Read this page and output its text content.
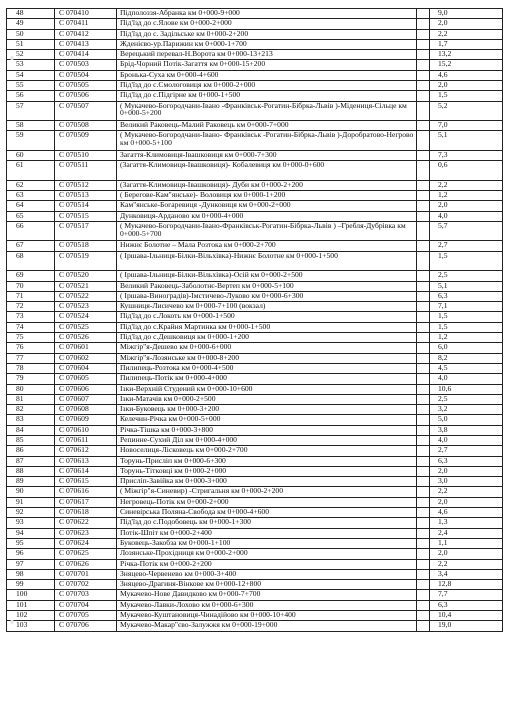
48	C 070410	Підполоззя-Абранка км 0+000-9+000		9,0
49	C 070411	Під'їзд до с.Ялове км 0+000-2+000		2,0
50	C 070412	Під'їзд до с. Задільське км 0+000-2+200		2,2
51	C 070413	Жденієво-ур.Парижин км 0+000-1+700		1,7
52	C 070414	Верецький перевал-Н.Ворота км 0+000-13+213		13,2
53	C 070503	Брід-Чорний Потік-Загаття км 0+000-15+200		15,2
54	C 070504	Бронька-Суха км 0+000-4+600		4,6
55	C 070505	Під'їзд до с.Смологовиця км 0+000-2+000		2,0
56	C 070506	Під'їзд до с.Підгірне км 0+000-1+500		1,5
57	C 070507	( Мукачево-Богородчани-Івано -Франківськ-Рогатин-Бібрка-Львів )-Мідениця-Сільце км 0+000-5+200		5,2
58	C 070508	Великий Раковець-Малий Раковець км 0+000-7+000		7,0
59	C 070509	( Мукачево-Богородчани-Івано- Франківськ -Рогатин-Бібрка-Львів )-Доробратово-Негрово км 0+000-5+100		5,1
60	C 070510	Загаття-Климовиця-Івашковиця км 0+000-7+300		7,3
61	C 070511	(Загаття-Климовиця-Івашковиця)- Кобалевиця км 0+000-0+600		0,6
62	C 070512	(Загаття-Климовиця-Івашковиця)- Дуби км 0+000-2+200		2,2
63	C 070513	( Берегове-Кам"янське)- Воловиця км 0+000-1+200		1,2
64	C 070514	Кам"янське-Богаревиця -Дунковиця км 0+000-2+000		2,0
65	C 070515	Дунковиця-Арданово км 0+000-4+000		4,0
66	C 070517	( Мукачево-Богородчани-Івано-Франківськ-Рогатин-Бібрка-Львів ) –Гребля-Дубрівка км 0+000-5+700		5,7
67	C 070518	Нижнє Болотне – Мала Розтока км 0+000-2+700		2,7
68	C 070519	( Іршава-Ільниця-Білки-Вільхівка)-Нижнє Болотне км 0+000-1+500		1,5
69	C 070520	( Іршава-Ільниця-Білки-Вільхівка)-Осій км 0+000-2+500		2,5
70	C 070521	Великий Раковець-Заболотнє-Вертеп км 0+000-5+100		5,1
71	C 070522	( Іршава-Виноградів)-Імстичево-Луково км 0+000-6+300		6,3
72	C 070523	Кушниця-Лисичево км 0+000-7+100 (вокзал)		7,1
73	C 070524	Під'їзд до с.Локоть км 0+000-1+500		1,5
74	C 070525	Під'їзд до с.Крайня Мартинка км 0+000-1+500		1,5
75	C 070526	Під'їзд до с.Дешковиця км 0+000-1+200		1,2
76	C 070601	Міжгір"я-Дешево км 0+000-6+000		6,0
77	C 070602	Міжгір"я-Лозянське км 0+000-8+200		8,2
78	C 070604	Пилипець-Розтока км 0+000-4+500		4,5
79	C 070605	Пилипець-Потік км 0+000-4+000		4,0
80	C 070606	Ізки-Верхній Студений км 0+000-10+600		10,6
81	C 070607	Ізки-Матачів км 0+000-2+500		2,5
82	C 070608	Ізки-Буковець км 0+000-3+200		3,2
83	C 070609	Келечин-Річка км 0+000-5+000		5,0
84	C 070610	Річка-Тішка км 0+000-3+800		3,8
85	C 070611	Репинне-Сухий Діл км 0+000-4+000		4,0
86	C 070612	Новоселиця-Лісковець км 0+000-2+700		2,7
87	C 070613	Торунь-Присліп км 0+000-6+300		6,3
88	C 070614	Торунь-Тітковці км 0+000-2+000		2,0
89	C 070615	Присліп-Завійка км 0+000-3+000		3,0
90	C 070616	( Міжгір"я-Синевир) -Стригальня км 0+000-2+200		2,2
91	C 070617	Негровець-Потік км 0+000-2+000		2,0
92	C 070618	Синевірська Поляна-Свобода км 0+000-4+600		4,6
93	C 070622	Під'їзд до с.Подобовець км 0+000-1+300		1,3
94	C 070623	Потік-Шпіт км 0+000-2+400		2,4
95	C 070624	Буковець-Закобза км 0+000-1+100		1,1
96	C 070625	Лозянське-Прохідниця км 0+000-2+000		2,0
97	C 070626	Річка-Потік км 0+000-2+200		2,2
98	C 070701	Зняцево-Червенево км 0+000-3+400		3,4
99	C 070702	Зняцево-Драгиня-Вінкове км 0+000-12+800		12,8
100	C 070703	Мукачево-Нове Давидково км 0+000-7+700		7,7
101	C 070704	Мукачево-Лавки-Лохово км 0+000-6+300		6,3
102	C 070705	Мукачево-Куштановиця-Чинадійово км 0+000-10+400		10,4
103	C 070706	Мукачево-Макар"єво-Залужжя км 0+000-19+000		19,0
